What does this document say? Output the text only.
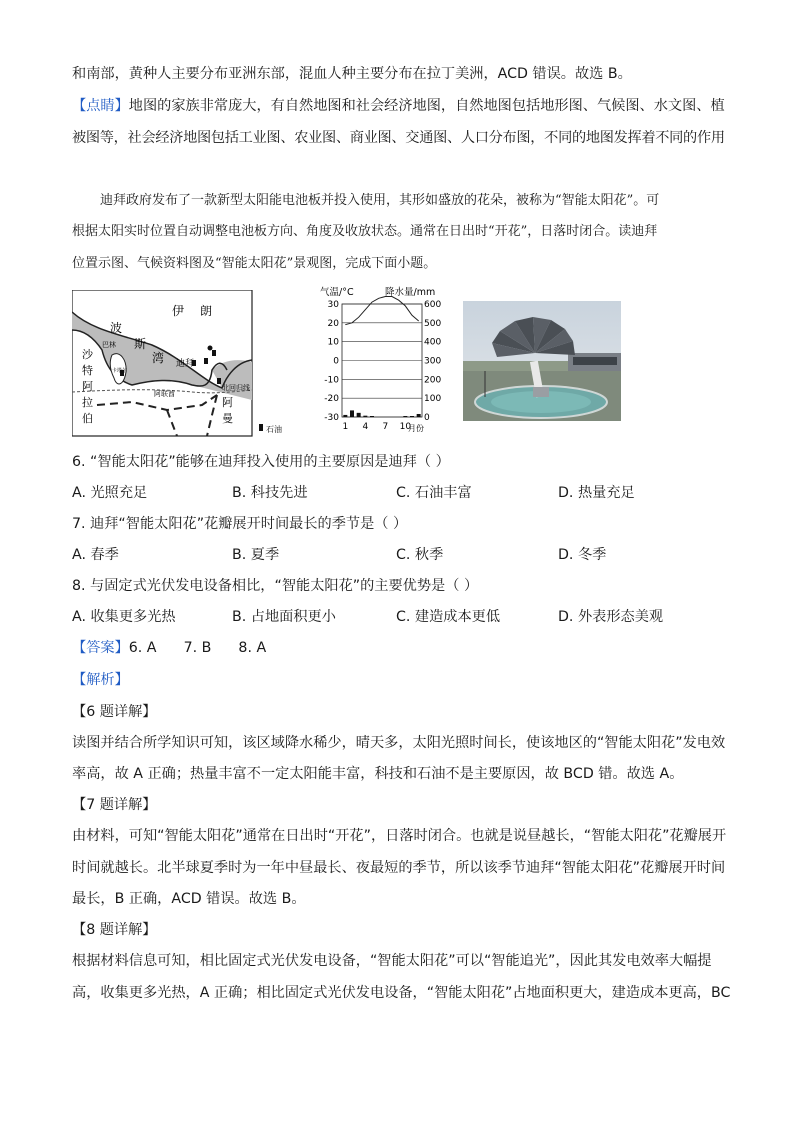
和南部，黄种人主要分布亚洲东部，混血人种主要分布在拉丁美洲，ACD 错误。故选 B。
【点睛】地图的家族非常庞大，有自然地图和社会经济地图，自然地图包括地形图、气候图、水文图、植
被图等，社会经济地图包括工业图、农业图、商业图、交通图、人口分布图，不同的地图发挥着不同的作用
迪拜政府发布了一款新型太阳能电池板并投入使用，其形如盛放的花朵，被称为“智能太阳花”。可
根据太阳实时位置自动调整电池板方向、角度及收放状态。通常在日出时“开花”，日落时闭合。读迪拜
位置示图、气候资料图及“智能太阳花”景观图，完成下面小题。
伊 朗
波
斯
湾
巴林
卡塔尔
沙
特
阿
拉
伯
迪拜
阿联酋
北回归线
阿
曼
石油
气温/°C	降水量/mm
30
20
10
0
-10
-20
-30
600
500
400
300
200
100
0
1 4 7 10
月份
6. “智能太阳花”能够在迪拜投入使用的主要原因是迪拜（ ）
A. 光照充足	B. 科技先进	C. 石油丰富	D. 热量充足
7. 迪拜“智能太阳花”花瓣展开时间最长的季节是（ ）
A. 春季	B. 夏季	C. 秋季	D. 冬季
8. 与固定式光伏发电设备相比，“智能太阳花”的主要优势是（ ）
A. 收集更多光热	B. 占地面积更小	C. 建造成本更低	D. 外表形态美观
【答案】6. A      7. B      8. A
【解析】
【6 题详解】
读图并结合所学知识可知，该区域降水稀少，晴天多，太阳光照时间长，使该地区的“智能太阳花”发电效
率高，故 A 正确；热量丰富不一定太阳能丰富，科技和石油不是主要原因，故 BCD 错。故选 A。
【7 题详解】
由材料，可知“智能太阳花”通常在日出时“开花”，日落时闭合。也就是说昼越长，“智能太阳花”花瓣展开
时间就越长。北半球夏季时为一年中昼最长、夜最短的季节，所以该季节迪拜“智能太阳花”花瓣展开时间
最长，B 正确，ACD 错误。故选 B。
【8 题详解】
根据材料信息可知，相比固定式光伏发电设备，“智能太阳花”可以“智能追光”，因此其发电效率大幅提
高，收集更多光热，A 正确；相比固定式光伏发电设备，“智能太阳花”占地面积更大，建造成本更高，BC
